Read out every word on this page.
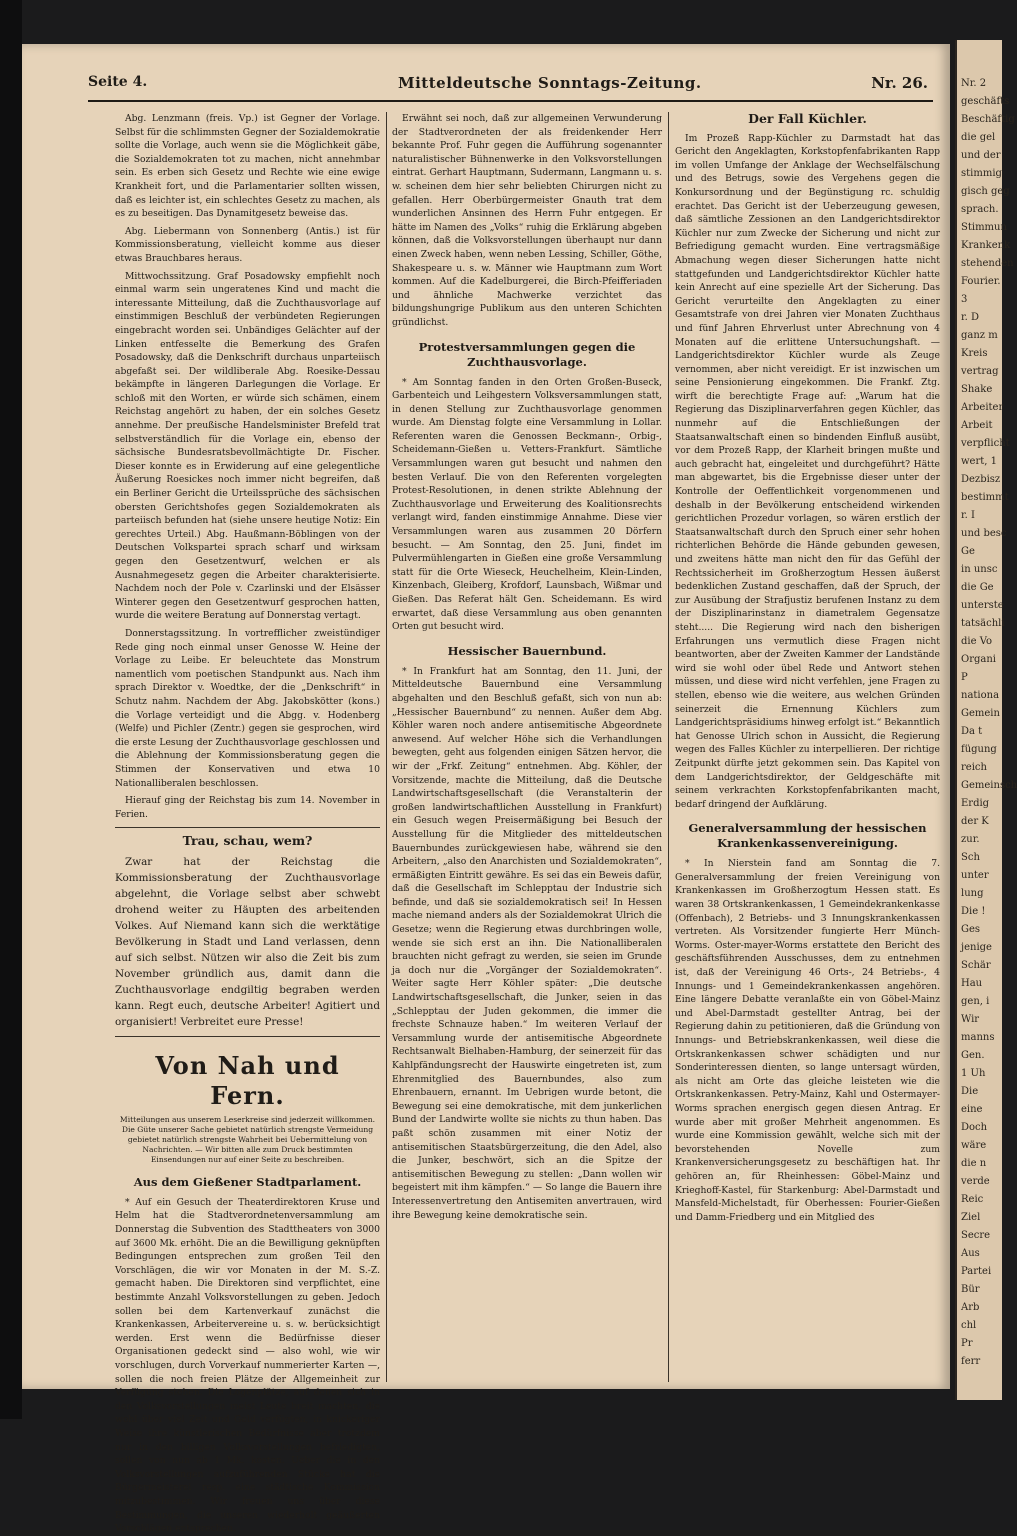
Nr. 2
geschäfts
Beschäftig
die gel
und der
stimmig
gisch geg
sprach.
Stimmun
Krankenk
stehenden
Fourier.
3
r. D
ganz m
Kreis
vertrag
Shake
Arbeiter
Arbeit
verpflicht
wert, 1
Dezbisz
bestimmt
r. I
und besc
Ge
in unsc
die Ge
unterste
tatsächli
die Vo
Organi
P
nationa
Gemein
Da t
fügung
reich
Gemeinsch
Erdig
der K
zur.
Sch
unter
lung
Die !
Ges
jenige
Schär
Hau
gen, i
Wir
manns
Gen.
1 Uh
Die
eine
Doch
wäre
die n
verde
Reic
Ziel
Secre
Aus
Partei
Bür
Arb
chl
Pr
ferr
Seite 4.	Mitteldeutsche Sonntags-Zeitung.	Nr. 26.

Abg. Lenzmann (freis. Vp.) ist Gegner der Vorlage. Selbst für die schlimmsten Gegner der Sozialdemokratie sollte die Vorlage, auch wenn sie die Möglichkeit gäbe, die Sozialdemokraten tot zu machen, nicht annehmbar sein. Es erben sich Gesetz und Rechte wie eine ewige Krankheit fort, und die Parlamentarier sollten wissen, daß es leichter ist, ein schlechtes Gesetz zu machen, als es zu beseitigen. Das Dynamitgesetz beweise das.

Abg. Liebermann von Sonnenberg (Antis.) ist für Kommissionsberatung, vielleicht komme aus dieser etwas Brauchbares heraus.

Mittwochssitzung. Graf Posadowsky empfiehlt noch einmal warm sein ungeratenes Kind und macht die interessante Mitteilung, daß die Zuchthausvorlage auf einstimmigen Beschluß der verbündeten Regierungen eingebracht worden sei. Unbändiges Gelächter auf der Linken entfesselte die Bemerkung des Grafen Posadowsky, daß die Denkschrift durchaus unparteiisch abgefaßt sei. Der wildliberale Abg. Roesike-Dessau bekämpfte in längeren Darlegungen die Vorlage. Er schloß mit den Worten, er würde sich schämen, einem Reichstag angehört zu haben, der ein solches Gesetz annehme. Der preußische Handelsminister Brefeld trat selbstverständlich für die Vorlage ein, ebenso der sächsische Bundesratsbevollmächtigte Dr. Fischer. Dieser konnte es in Erwiderung auf eine gelegentliche Äußerung Roesickes noch immer nicht begreifen, daß ein Berliner Gericht die Urteilssprüche des sächsischen obersten Gerichtshofes gegen Sozialdemokraten als parteiisch befunden hat (siehe unsere heutige Notiz: Ein gerechtes Urteil.) Abg. Haußmann-Böblingen von der Deutschen Volkspartei sprach scharf und wirksam gegen den Gesetzentwurf, welchen er als Ausnahmegesetz gegen die Arbeiter charakterisierte. Nachdem noch der Pole v. Czarlinski und der Elsässer Winterer gegen den Gesetzentwurf gesprochen hatten, wurde die weitere Beratung auf Donnerstag vertagt.

Donnerstagssitzung. In vortrefflicher zweistündiger Rede ging noch einmal unser Genosse W. Heine der Vorlage zu Leibe. Er beleuchtete das Monstrum namentlich vom poetischen Standpunkt aus. Nach ihm sprach Direktor v. Woedtke, der die „Denkschrift“ in Schutz nahm. Nachdem der Abg. Jakobskötter (kons.) die Vorlage verteidigt und die Abgg. v. Hodenberg (Welfe) und Pichler (Zentr.) gegen sie gesprochen, wird die erste Lesung der Zuchthausvorlage geschlossen und die Ablehnung der Kommissionsberatung gegen die Stimmen der Konservativen und etwa 10 Nationalliberalen beschlossen.

Hierauf ging der Reichstag bis zum 14. November in Ferien.

Trau, schau, wem?

Zwar hat der Reichstag die Kommissionsberatung der Zuchthausvorlage abgelehnt, die Vorlage selbst aber schwebt drohend weiter zu Häupten des arbeitenden Volkes. Auf Niemand kann sich die werktätige Bevölkerung in Stadt und Land verlassen, denn auf sich selbst. Nützen wir also die Zeit bis zum November gründlich aus, damit dann die Zuchthausvorlage endgiltig begraben werden kann. Regt euch, deutsche Arbeiter! Agitiert und organisiert! Verbreitet eure Presse!

Von Nah und Fern.
Mitteilungen aus unserem Leserkreise sind jederzeit willkommen. Die Güte unserer Sache gebietet natürlich strengste Vermeidung gebietet natürlich strengste Wahrheit bei Uebermittelung von Nachrichten. — Wir bitten alle zum Druck bestimmten Einsendungen nur auf einer Seite zu beschreiben.
Aus dem Gießener Stadtparlament.

* Auf ein Gesuch der Theaterdirektoren Kruse und Helm hat die Stadtverordnetenversammlung am Donnerstag die Subvention des Stadttheaters von 3000 auf 3600 Mk. erhöht. Die an die Bewilligung geknüpften Bedingungen entsprechen zum großen Teil den Vorschlägen, die wir vor Monaten in der M. S.-Z. gemacht haben. Die Direktoren sind verpflichtet, eine bestimmte Anzahl Volksvorstellungen zu geben. Jedoch sollen bei dem Kartenverkauf zunächst die Krankenkassen, Arbeitervereine u. s. w. berücksichtigt werden. Erst wenn die Bedürfnisse dieser Organisationen gedeckt sind — also wohl, wie wir vorschlugen, durch Vorverkauf nummerierter Karten —, sollen die noch freien Plätze der Allgemeinheit zur Verfügung stehen. Die Logenplätze, auf denen sich in den Volksvorstellungen meist Leute breit machten, die wohl über viel Zeit und Geld verfügten, in knickeriger Weise ihre künstlerischen Bedürfnisse aber trotzdem nur in den billigen Volksvorstellungen befriedigten, sollen von nun ab 1 Mk. kosten. Ueber die in den Volksvorstellungen aufzuführenden Stücke hat die Bürgermeisterei resp. eine städtische Kommission mitzubestimmen. Wir freuen uns über diese Bestimmungen, die unseren wiederholt geäußerten Vorschlägen entsprechen.

Erwähnt sei noch, daß zur allgemeinen Verwunderung der Stadtverordneten der als freidenkender Herr bekannte Prof. Fuhr gegen die Aufführung sogenannter naturalistischer Bühnenwerke in den Volksvorstellungen eintrat. Gerhart Hauptmann, Sudermann, Langmann u. s. w. scheinen dem hier sehr beliebten Chirurgen nicht zu gefallen. Herr Oberbürgermeister Gnauth trat dem wunderlichen Ansinnen des Herrn Fuhr entgegen. Er hätte im Namen des „Volks“ ruhig die Erklärung abgeben können, daß die Volksvorstellungen überhaupt nur dann einen Zweck haben, wenn neben Lessing, Schiller, Göthe, Shakespeare u. s. w. Männer wie Hauptmann zum Wort kommen. Auf die Kadelburgerei, die Birch-Pfeifferiaden und ähnliche Machwerke verzichtet das bildungshungrige Publikum aus den unteren Schichten gründlichst.

Protestversammlungen gegen die Zuchthausvorlage.

* Am Sonntag fanden in den Orten Großen-Buseck, Garbenteich und Leihgestern Volksversammlungen statt, in denen Stellung zur Zuchthausvorlage genommen wurde. Am Dienstag folgte eine Versammlung in Lollar. Referenten waren die Genossen Beckmann-, Orbig-, Scheidemann-Gießen u. Vetters-Frankfurt. Sämtliche Versammlungen waren gut besucht und nahmen den besten Verlauf. Die von den Referenten vorgelegten Protest-Resolutionen, in denen strikte Ablehnung der Zuchthausvorlage und Erweiterung des Koalitionsrechts verlangt wird, fanden einstimmige Annahme. Diese vier Versammlungen waren aus zusammen 20 Dörfern besucht. — Am Sonntag, den 25. Juni, findet im Pulvermühlengarten in Gießen eine große Versammlung statt für die Orte Wieseck, Heuchelheim, Klein-Linden, Kinzenbach, Gleiberg, Krofdorf, Launsbach, Wißmar und Gießen. Das Referat hält Gen. Scheidemann. Es wird erwartet, daß diese Versammlung aus oben genannten Orten gut besucht wird.

Hessischer Bauernbund.

* In Frankfurt hat am Sonntag, den 11. Juni, der Mitteldeutsche Bauernbund eine Versammlung abgehalten und den Beschluß gefaßt, sich von nun ab: „Hessischer Bauernbund“ zu nennen. Außer dem Abg. Köhler waren noch andere antisemitische Abgeordnete anwesend. Auf welcher Höhe sich die Verhandlungen bewegten, geht aus folgenden einigen Sätzen hervor, die wir der „Frkf. Zeitung“ entnehmen. Abg. Köhler, der Vorsitzende, machte die Mitteilung, daß die Deutsche Landwirtschaftsgesellschaft (die Veranstalterin der großen landwirtschaftlichen Ausstellung in Frankfurt) ein Gesuch wegen Preisermäßigung bei Besuch der Ausstellung für die Mitglieder des mitteldeutschen Bauernbundes zurückgewiesen habe, während sie den Arbeitern, „also den Anarchisten und Sozialdemokraten“, ermäßigten Eintritt gewähre. Es sei das ein Beweis dafür, daß die Gesellschaft im Schlepptau der Industrie sich befinde, und daß sie sozialdemokratisch sei! In Hessen mache niemand anders als der Sozialdemokrat Ulrich die Gesetze; wenn die Regierung etwas durchbringen wolle, wende sie sich erst an ihn. Die Nationalliberalen brauchten nicht gefragt zu werden, sie seien im Grunde ja doch nur die „Vorgänger der Sozialdemokraten“. Weiter sagte Herr Köhler später: „Die deutsche Landwirtschaftsgesellschaft, die Junker, seien in das „Schlepptau der Juden gekommen, die immer die frechste Schnauze haben.“ Im weiteren Verlauf der Versammlung wurde der antisemitische Abgeordnete Rechtsanwalt Bielhaben-Hamburg, der seinerzeit für das Kahlpfändungsrecht der Hauswirte eingetreten ist, zum Ehrenmitglied des Bauernbundes, also zum Ehrenbauern, ernannt. Im Uebrigen wurde betont, die Bewegung sei eine demokratische, mit dem junkerlichen Bund der Landwirte wollte sie nichts zu thun haben. Das paßt schön zusammen mit einer Notiz der antisemitischen Staatsbürgerzeitung, die den Adel, also die Junker, beschwört, sich an die Spitze der antisemitischen Bewegung zu stellen: „Dann wollen wir begeistert mit ihm kämpfen.“ — So lange die Bauern ihre Interessenvertretung den Antisemiten anvertrauen, wird ihre Bewegung keine demokratische sein.

Der Fall Küchler.

Im Prozeß Rapp-Küchler zu Darmstadt hat das Gericht den Angeklagten, Korkstopfenfabrikanten Rapp im vollen Umfange der Anklage der Wechselfälschung und des Betrugs, sowie des Vergehens gegen die Konkursordnung und der Begünstigung rc. schuldig erachtet. Das Gericht ist der Ueberzeugung gewesen, daß sämtliche Zessionen an den Landgerichtsdirektor Küchler nur zum Zwecke der Sicherung und nicht zur Befriedigung gemacht wurden. Eine vertragsmäßige Abmachung wegen dieser Sicherungen hatte nicht stattgefunden und Landgerichtsdirektor Küchler hatte kein Anrecht auf eine spezielle Art der Sicherung. Das Gericht verurteilte den Angeklagten zu einer Gesamtstrafe von drei Jahren vier Monaten Zuchthaus und fünf Jahren Ehrverlust unter Abrechnung von 4 Monaten auf die erlittene Untersuchungshaft. — Landgerichtsdirektor Küchler wurde als Zeuge vernommen, aber nicht vereidigt. Er ist inzwischen um seine Pensionierung eingekommen. Die Frankf. Ztg. wirft die berechtigte Frage auf: „Warum hat die Regierung das Disziplinarverfahren gegen Küchler, das nunmehr auf die Entschließungen der Staatsanwaltschaft einen so bindenden Einfluß ausübt, vor dem Prozeß Rapp, der Klarheit bringen mußte und auch gebracht hat, eingeleitet und durchgeführt? Hätte man abgewartet, bis die Ergebnisse dieser unter der Kontrolle der Oeffentlichkeit vorgenommenen und deshalb in der Bevölkerung entscheidend wirkenden gerichtlichen Prozedur vorlagen, so wären erstlich der Staatsanwaltschaft durch den Spruch einer sehr hohen richterlichen Behörde die Hände gebunden gewesen, und zweitens hätte man nicht den für das Gefühl der Rechtssicherheit im Großherzogtum Hessen äußerst bedenklichen Zustand geschaffen, daß der Spruch, der zur Ausübung der Strafjustiz berufenen Instanz zu dem der Disziplinarinstanz in diametralem Gegensatze steht..... Die Regierung wird nach den bisherigen Erfahrungen uns vermutlich diese Fragen nicht beantworten, aber der Zweiten Kammer der Landstände wird sie wohl oder übel Rede und Antwort stehen müssen, und diese wird nicht verfehlen, jene Fragen zu stellen, ebenso wie die weitere, aus welchen Gründen seinerzeit die Ernennung Küchlers zum Landgerichtspräsidiums hinweg erfolgt ist.“ Bekanntlich hat Genosse Ulrich schon in Aussicht, die Regierung wegen des Falles Küchler zu interpellieren. Der richtige Zeitpunkt dürfte jetzt gekommen sein. Das Kapitel von dem Landgerichtsdirektor, der Geldgeschäfte mit seinem verkrachten Korkstopfenfabrikanten macht, bedarf dringend der Aufklärung.

Generalversammlung der hessischen Krankenkassenvereinigung.

* In Nierstein fand am Sonntag die 7. Generalversammlung der freien Vereinigung von Krankenkassen im Großherzogtum Hessen statt. Es waren 38 Ortskrankenkassen, 1 Gemeindekrankenkasse (Offenbach), 2 Betriebs- und 3 Innungskrankenkassen vertreten. Als Vorsitzender fungierte Herr Münch-Worms. Oster-mayer-Worms erstattete den Bericht des geschäftsführenden Ausschusses, dem zu entnehmen ist, daß der Vereinigung 46 Orts-, 24 Betriebs-, 4 Innungs- und 1 Gemeindekrankenkassen angehören. Eine längere Debatte veranlaßte ein von Göbel-Mainz und Abel-Darmstadt gestellter Antrag, bei der Regierung dahin zu petitionieren, daß die Gründung von Innungs- und Betriebskrankenkassen, weil diese die Ortskrankenkassen schwer schädigten und nur Sonderinteressen dienten, so lange untersagt würden, als nicht am Orte das gleiche leisteten wie die Ortskrankenkassen. Petry-Mainz, Kahl und Ostermayer-Worms sprachen energisch gegen diesen Antrag. Er wurde aber mit großer Mehrheit angenommen. Es wurde eine Kommission gewählt, welche sich mit der bevorstehenden Novelle zum Krankenversicherungsgesetz zu beschäftigen hat. Ihr gehören an, für Rheinhessen: Göbel-Mainz und Krieghoff-Kastel, für Starkenburg: Abel-Darmstadt und Mansfeld-Michelstadt, für Oberhessen: Fourier-Gießen und Damm-Friedberg und ein Mitglied des
